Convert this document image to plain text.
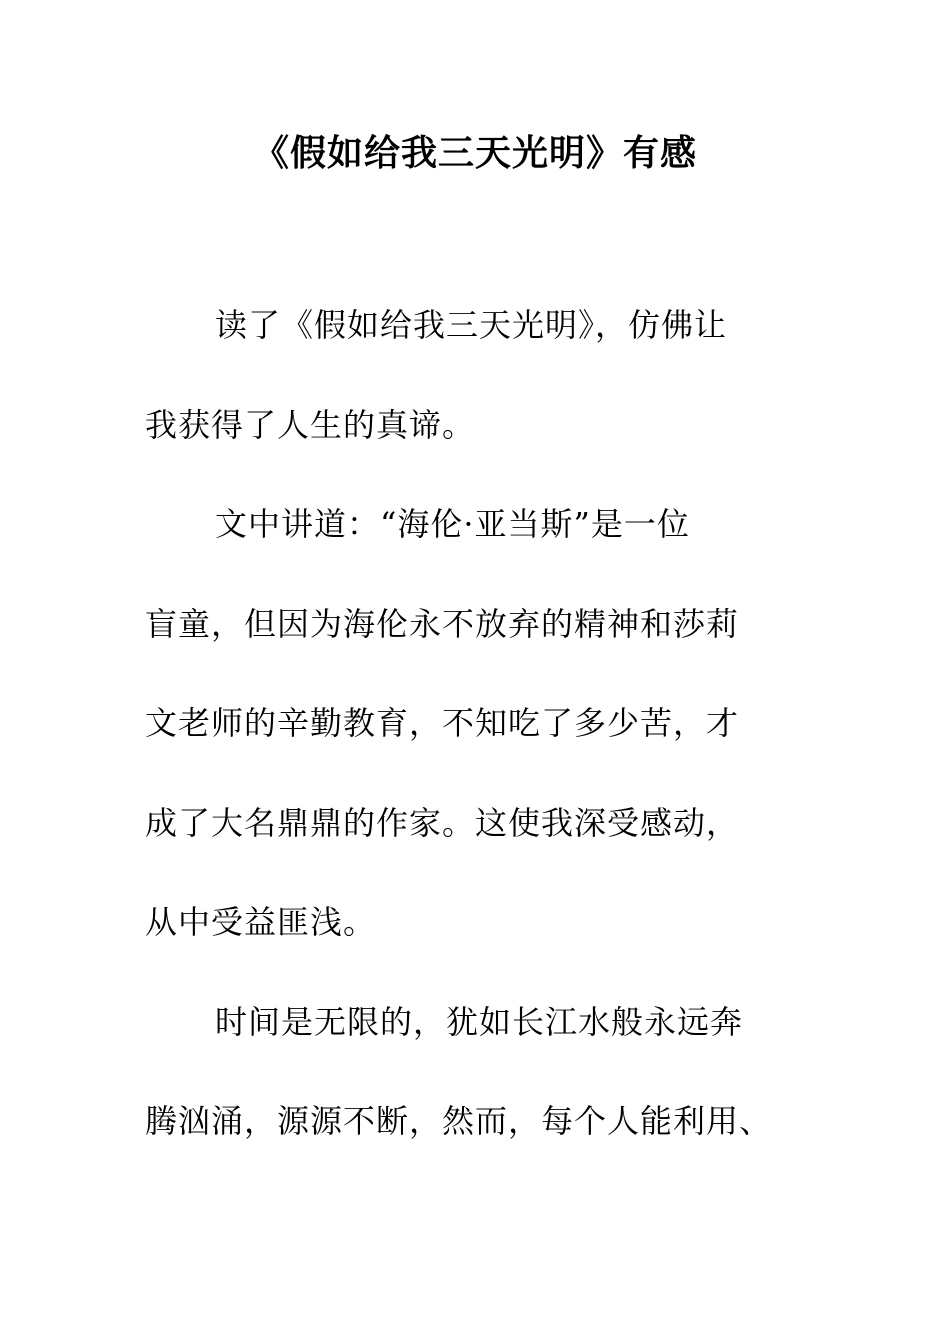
《假如给我三天光明》有感
读了《假如给我三天光明》，仿佛让
我获得了人生的真谛。
文中讲道：“海伦·亚当斯”是一位
盲童，但因为海伦永不放弃的精神和莎莉
文老师的辛勤教育，不知吃了多少苦，才
成了大名鼎鼎的作家。这使我深受感动，
从中受益匪浅。
时间是无限的，犹如长江水般永远奔
腾汹涌，源源不断，然而，每个人能利用、
